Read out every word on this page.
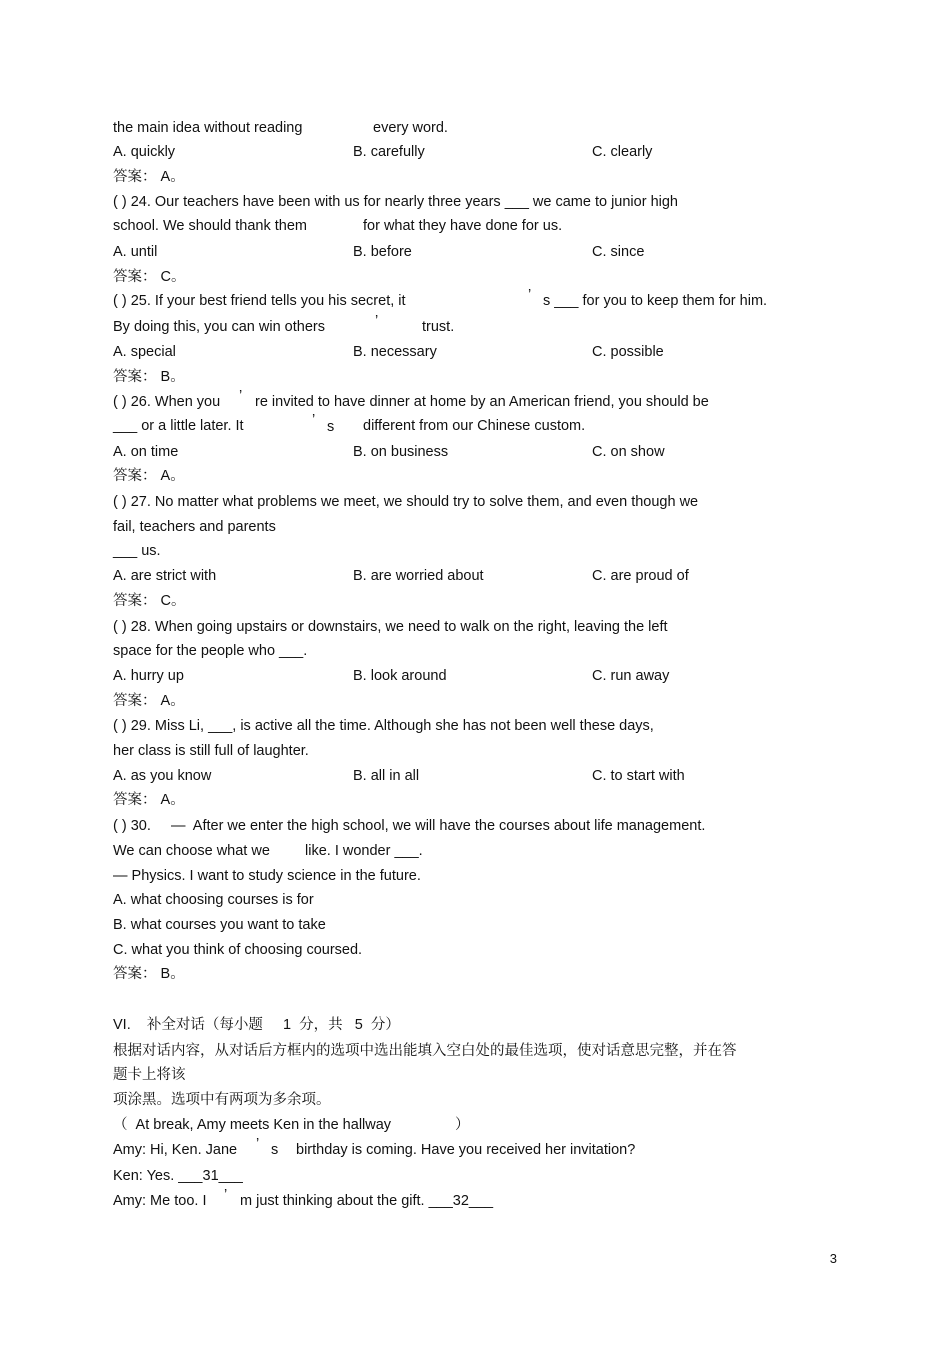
the main idea without reading	every word.
A. quickly	B. carefully	C. clearly
答案： A。
( ) 24. Our teachers have been with us for nearly three years ___ we came to junior high
school. We should thank them	for what they have done for us.
A. until	B. before	C. since
答案： C。
( ) 25. If your best friend tells you his secret, it	’ s ___ for you to keep them for him.
By doing this, you can win others	’	trust.
A. special	B. necessary	C. possible
答案： B。
( ) 26. When you ’ re invited to have dinner at home by an American friend, you should be
___ or a little later. It	’ s different from our Chinese custom.
A. on time	B. on business	C. on show
答案： A。
( ) 27. No matter what problems we meet, we should try to solve them, and even though we
fail, teachers and parents
___ us.
A. are strict with	B. are worried about	C. are proud of
答案： C。
( ) 28. When going upstairs or downstairs, we need to walk on the right, leaving the left
space for the people who ___.
A. hurry up	B. look around	C. run away
答案： A。
( ) 29. Miss Li, ___, is active all the time. Although she has not been well these days,
her class is still full of laughter.
A. as you know	B. all in all	C. to start with
答案： A。
( ) 30.     —  After we enter the high school, we will have the courses about life management.
We can choose what we like. I wonder ___.
— Physics. I want to study science in the future.
A. what choosing courses is for
B. what courses you want to take
C. what you think of choosing coursed.
答案： B。
VI.    补全对话（每小题     1  分，共   5  分）
根据对话内容，从对话后方框内的选项中选出能填入空白处的最佳选项，使对话意思完整，并在答
题卡上将该
项涂黑。选项中有两项为多余项。
（  At break, Amy meets Ken in the hallway	）
Amy: Hi, Ken. Jane ’ s birthday is coming. Have you received her invitation?
Ken: Yes. ___31___
Amy: Me too. I ’ m just thinking about the gift. ___32___
3
